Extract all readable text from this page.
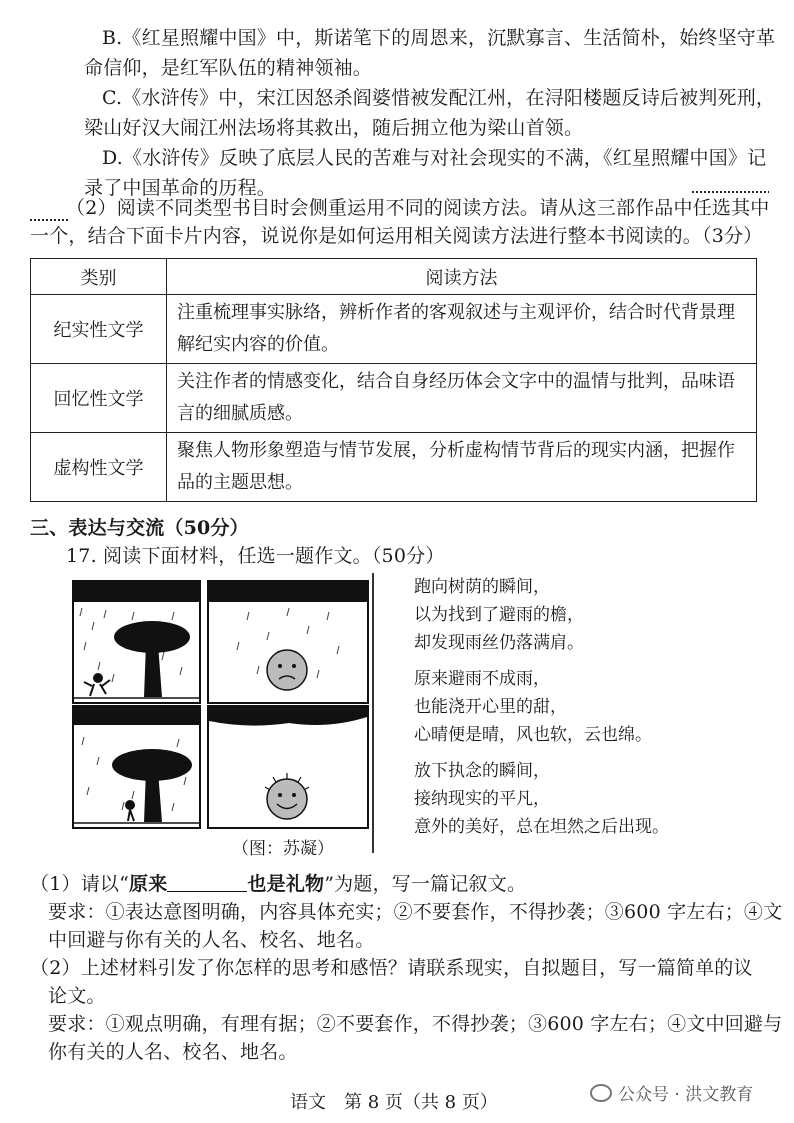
B.《红星照耀中国》中，斯诺笔下的周恩来，沉默寡言、生活简朴，始终坚守革
命信仰，是红军队伍的精神领袖。
C.《水浒传》中，宋江因怒杀阎婆惜被发配江州，在浔阳楼题反诗后被判死刑，
梁山好汉大闹江州法场将其救出，随后拥立他为梁山首领。
D.《水浒传》反映了底层人民的苦难与对社会现实的不满，《红星照耀中国》记
录了中国革命的历程。
（2）阅读不同类型书目时会侧重运用不同的阅读方法。请从这三部作品中任选其中
一个，结合下面卡片内容，说说你是如何运用相关阅读方法进行整本书阅读的。（3分）
类别	阅读方法
纪实性文学	注重梳理事实脉络，辨析作者的客观叙述与主观评价，结合时代背景理解纪实内容的价值。
回忆性文学	关注作者的情感变化，结合自身经历体会文字中的温情与批判，品味语言的细腻质感。
虚构性文学	聚焦人物形象塑造与情节发展，分析虚构情节背后的现实内涵，把握作品的主题思想。
三、表达与交流（50分）
17. 阅读下面材料，任选一题作文。（50分）
（图：苏凝）
跑向树荫的瞬间，
以为找到了避雨的檐，
却发现雨丝仍落满肩。
原来避雨不成雨，
也能浇开心里的甜，
心晴便是晴，风也软，云也绵。
放下执念的瞬间，
接纳现实的平凡，
意外的美好，总在坦然之后出现。
（1）请以“原来	也是礼物”为题，写一篇记叙文。
要求：①表达意图明确，内容具体充实；②不要套作，不得抄袭；③600 字左右；④文
中回避与你有关的人名、校名、地名。
（2）上述材料引发了你怎样的思考和感悟？请联系现实，自拟题目，写一篇简单的议
论文。
要求：①观点明确，有理有据；②不要套作，不得抄袭；③600 字左右；④文中回避与
你有关的人名、校名、地名。
语文　第 8 页（共 8 页）	公众号 · 洪文教育
